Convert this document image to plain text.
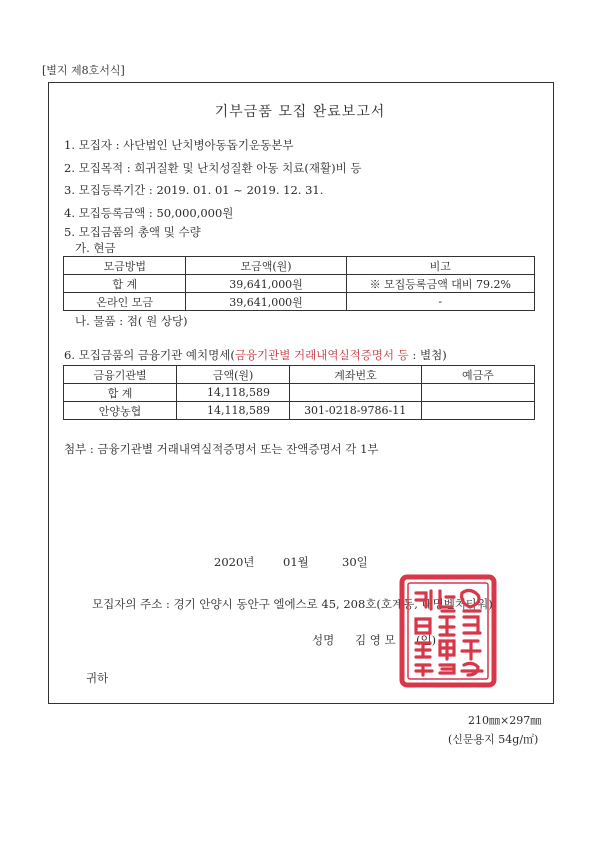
[별지 제8호서식]
기부금품 모집 완료보고서
1. 모집자 : 사단법인 난치병아동돕기운동본부
2. 모집목적 : 희귀질환 및 난치성질환 아동 치료(재활)비 등
3. 모집등록기간 : 2019. 01. 01 ~ 2019. 12. 31.
4. 모집등록금액 : 50,000,000원
5. 모집금품의 총액 및 수량
가. 현금
모금방법	모금액(원)	비고
합 계	39,641,000원	※ 모집등록금액 대비 79.2%
온라인 모금	39,641,000원	-
나. 물품 : 점( 원 상당)
6. 모집금품의 금융기관 예치명세(금융기관별 거래내역실적증명서 등 : 별첨)
금융기관별	금액(원)	계좌번호	예금주
합 계	14,118,589		
안양농협	14,118,589	301-0218-9786-11	
첨부 : 금융기관별 거래내역실적증명서 또는 잔액증명서 각 1부
2020년 01월	30일
모집자의 주소 : 경기 안양시 동안구 엘에스로 45, 208호(호계동, 대명벤처타워)
성명 김 영 모 (인)
귀하
210㎜×297㎜
(신문용지 54g/㎡)
